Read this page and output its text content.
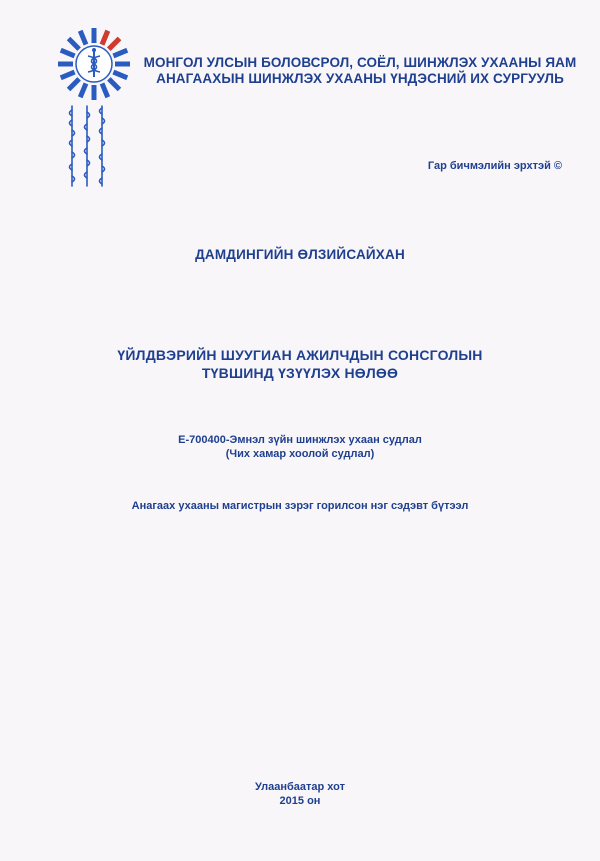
МОНГОЛ УЛСЫН БОЛОВСРОЛ, СОЁЛ, ШИНЖЛЭХ УХААНЫ ЯАМ
АНАГААХЫН ШИНЖЛЭХ УХААНЫ ҮНДЭСНИЙ ИХ СУРГУУЛЬ
Гар бичмэлийн эрхтэй ©
ДАМДИНГИЙН ӨЛЗИЙСАЙХАН
ҮЙЛДВЭРИЙН ШУУГИАН АЖИЛЧДЫН СОНСГОЛЫН
ТҮВШИНД ҮЗҮҮЛЭХ НӨЛӨӨ
E-700400-Эмнэл зүйн шинжлэх ухаан судлал
(Чих хамар хоолой судлал)
Анагаах ухааны магистрын зэрэг горилсон нэг сэдэвт бүтээл
Улаанбаатар хот
2015 он
